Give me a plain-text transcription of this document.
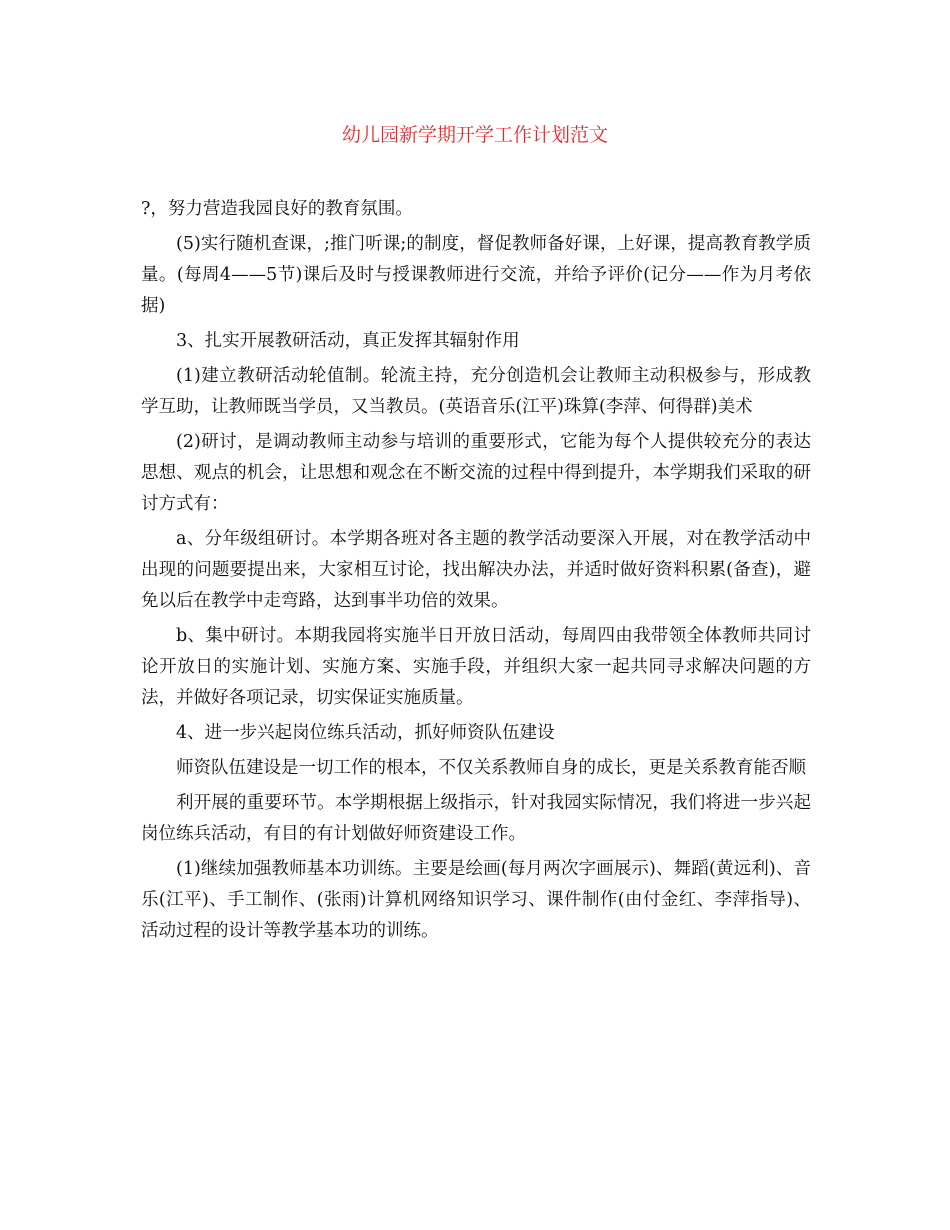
幼儿园新学期开学工作计划范文

?，努力营造我园良好的教育氛围。

(5)实行随机查课，;推门听课;的制度，督促教师备好课，上好课，提高教育教学质量。(每周4——5节)课后及时与授课教师进行交流，并给予评价(记分——作为月考依据)

3、扎实开展教研活动，真正发挥其辐射作用

(1)建立教研活动轮值制。轮流主持，充分创造机会让教师主动积极参与，形成教学互助，让教师既当学员，又当教员。(英语音乐(江平)珠算(李萍、何得群)美术

(2)研讨，是调动教师主动参与培训的重要形式，它能为每个人提供较充分的表达思想、观点的机会，让思想和观念在不断交流的过程中得到提升，本学期我们采取的研讨方式有：

a、分年级组研讨。本学期各班对各主题的教学活动要深入开展，对在教学活动中出现的问题要提出来，大家相互讨论，找出解决办法，并适时做好资料积累(备查)，避免以后在教学中走弯路，达到事半功倍的效果。

b、集中研讨。本期我园将实施半日开放日活动，每周四由我带领全体教师共同讨论开放日的实施计划、实施方案、实施手段，并组织大家一起共同寻求解决问题的方法，并做好各项记录，切实保证实施质量。

4、进一步兴起岗位练兵活动，抓好师资队伍建设

师资队伍建设是一切工作的根本，不仅关系教师自身的成长，更是关系教育能否顺

利开展的重要环节。本学期根据上级指示，针对我园实际情况，我们将进一步兴起岗位练兵活动，有目的有计划做好师资建设工作。

(1)继续加强教师基本功训练。主要是绘画(每月两次字画展示)、舞蹈(黄远利)、音乐(江平)、手工制作、(张雨)计算机网络知识学习、课件制作(由付金红、李萍指导)、活动过程的设计等教学基本功的训练。
